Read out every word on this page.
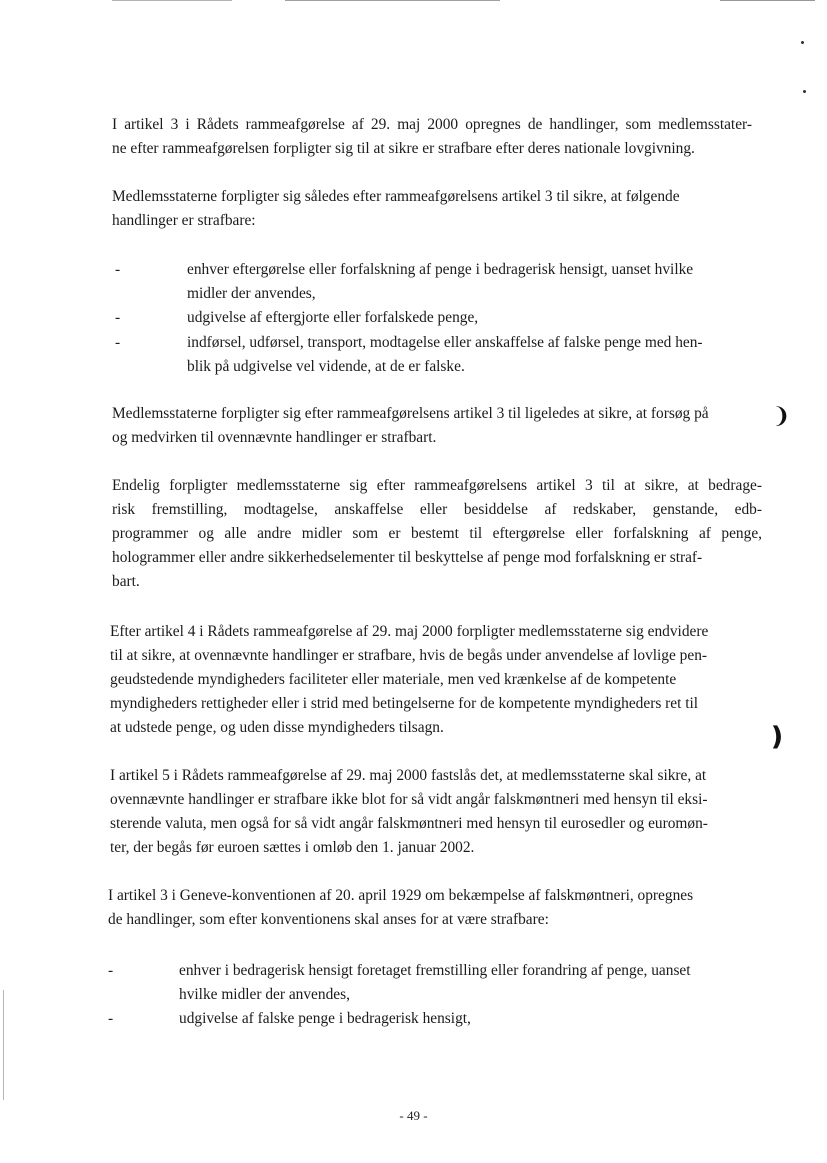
I artikel 3 i Rådets rammeafgørelse af 29. maj 2000 opregnes de handlinger, som medlemsstater-
ne efter rammeafgørelsen forpligter sig til at sikre er strafbare efter deres nationale lovgivning.
Medlemsstaterne forpligter sig således efter rammeafgørelsens artikel 3 til sikre, at følgende
handlinger er strafbare:
-	enhver eftergørelse eller forfalskning af penge i bedragerisk hensigt, uanset hvilke
midler der anvendes,
-	udgivelse af eftergjorte eller forfalskede penge,
-	indførsel, udførsel, transport, modtagelse eller anskaffelse af falske penge med hen-
blik på udgivelse vel vidende, at de er falske.
Medlemsstaterne forpligter sig efter rammeafgørelsens artikel 3 til ligeledes at sikre, at forsøg på
og medvirken til ovennævnte handlinger er strafbart.
❩
Endelig forpligter medlemsstaterne sig efter rammeafgørelsens artikel 3 til at sikre, at bedrage-
risk fremstilling, modtagelse, anskaffelse eller besiddelse af redskaber, genstande, edb-
programmer og alle andre midler som er bestemt til eftergørelse eller forfalskning af penge,
hologrammer eller andre sikkerhedselementer til beskyttelse af penge mod forfalskning er straf-
bart.
Efter artikel 4 i Rådets rammeafgørelse af 29. maj 2000 forpligter medlemsstaterne sig endvidere
til at sikre, at ovennævnte handlinger er strafbare, hvis de begås under anvendelse af lovlige pen-
geudstedende myndigheders faciliteter eller materiale, men ved krænkelse af de kompetente
myndigheders rettigheder eller i strid med betingelserne for de kompetente myndigheders ret til
at udstede penge, og uden disse myndigheders tilsagn.	❫
I artikel 5 i Rådets rammeafgørelse af 29. maj 2000 fastslås det, at medlemsstaterne skal sikre, at
ovennævnte handlinger er strafbare ikke blot for så vidt angår falskmøntneri med hensyn til eksi-
sterende valuta, men også for så vidt angår falskmøntneri med hensyn til eurosedler og euromøn-
ter, der begås før euroen sættes i omløb den 1. januar 2002.
I artikel 3 i Geneve-konventionen af 20. april 1929 om bekæmpelse af falskmøntneri, opregnes
de handlinger, som efter konventionens skal anses for at være strafbare:
-	enhver i bedragerisk hensigt foretaget fremstilling eller forandring af penge, uanset
hvilke midler der anvendes,
-	udgivelse af falske penge i bedragerisk hensigt,
- 49 -
